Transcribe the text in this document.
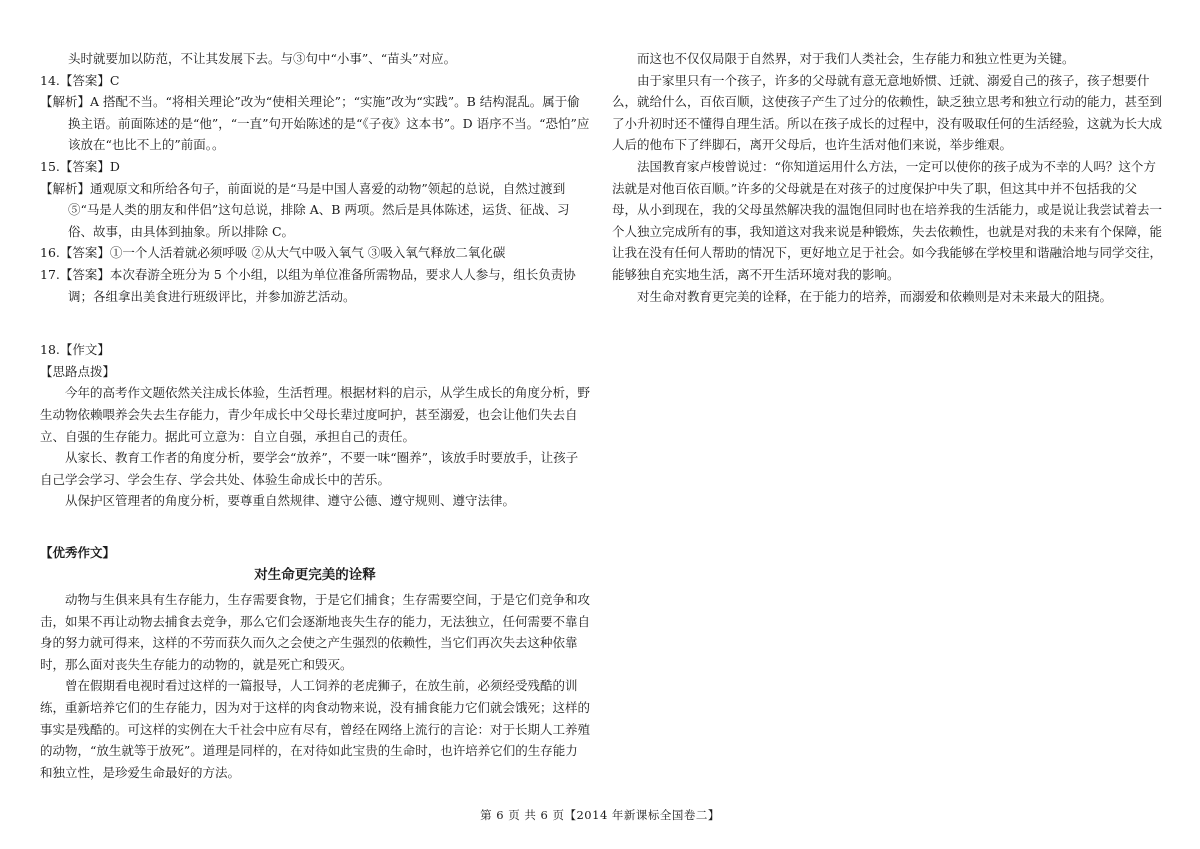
头时就要加以防范，不让其发展下去。与③句中“小事”、“苗头”对应。

14.【答案】C

【解析】A 搭配不当。“将相关理论”改为“使相关理论”；“实施”改为“实践”。B 结构混乱。属于偷换主语。前面陈述的是“他”，“一直”句开始陈述的是“《子夜》这本书”。D 语序不当。“恐怕”应该放在“也比不上的”前面。。

15.【答案】D

【解析】通观原文和所给各句子，前面说的是“马是中国人喜爱的动物”领起的总说，自然过渡到⑤“马是人类的朋友和伴侣”这句总说，排除 A、B 两项。然后是具体陈述，运货、征战、习俗、故事，由具体到抽象。所以排除 C。

16.【答案】①一个人活着就必须呼吸 ②从大气中吸入氧气 ③吸入氧气释放二氧化碳

17.【答案】本次春游全班分为 5 个小组，以组为单位准备所需物品，要求人人参与，组长负责协调；各组拿出美食进行班级评比，并参加游艺活动。

18.【作文】

【思路点拨】

今年的高考作文题依然关注成长体验，生活哲理。根据材料的启示，从学生成长的角度分析，野生动物依赖喂养会失去生存能力，青少年成长中父母长辈过度呵护，甚至溺爱，也会让他们失去自立、自强的生存能力。据此可立意为：自立自强，承担自己的责任。

从家长、教育工作者的角度分析，要学会“放养”，不要一味“圈养”，该放手时要放手，让孩子自己学会学习、学会生存、学会共处、体验生命成长中的苦乐。

从保护区管理者的角度分析，要尊重自然规律、遵守公德、遵守规则、遵守法律。

【优秀作文】

对生命更完美的诠释

动物与生俱来具有生存能力，生存需要食物，于是它们捕食；生存需要空间，于是它们竞争和攻击，如果不再让动物去捕食去竞争，那么它们会逐渐地丧失生存的能力，无法独立，任何需要不靠自身的努力就可得来，这样的不劳而获久而久之会使之产生强烈的依赖性，当它们再次失去这种依靠时，那么面对丧失生存能力的动物的，就是死亡和毁灭。

曾在假期看电视时看过这样的一篇报导，人工饲养的老虎狮子，在放生前，必须经受残酷的训练，重新培养它们的生存能力，因为对于这样的肉食动物来说，没有捕食能力它们就会饿死；这样的事实是残酷的。可这样的实例在大千社会中应有尽有，曾经在网络上流行的言论：对于长期人工养殖的动物，“放生就等于放死”。道理是同样的，在对待如此宝贵的生命时，也许培养它们的生存能力和独立性，是珍爱生命最好的方法。

而这也不仅仅局限于自然界，对于我们人类社会，生存能力和独立性更为关键。

由于家里只有一个孩子，许多的父母就有意无意地娇惯、迁就、溺爱自己的孩子，孩子想要什么，就给什么，百依百顺，这使孩子产生了过分的依赖性，缺乏独立思考和独立行动的能力，甚至到了小升初时还不懂得自理生活。所以在孩子成长的过程中，没有吸取任何的生活经验，这就为长大成人后的他布下了绊脚石，离开父母后，也许生活对他们来说，举步维艰。

法国教育家卢梭曾说过：“你知道运用什么方法，一定可以使你的孩子成为不幸的人吗？这个方法就是对他百依百顺。”许多的父母就是在对孩子的过度保护中失了职，但这其中并不包括我的父母，从小到现在，我的父母虽然解决我的温饱但同时也在培养我的生活能力，或是说让我尝试着去一个人独立完成所有的事，我知道这对我来说是种锻炼，失去依赖性，也就是对我的未来有个保障，能让我在没有任何人帮助的情况下，更好地立足于社会。如今我能够在学校里和谐融洽地与同学交往，能够独自充实地生活，离不开生活环境对我的影响。

对生命对教育更完美的诠释，在于能力的培养，而溺爱和依赖则是对未来最大的阻挠。

第 6 页 共 6 页【2014 年新课标全国卷二】
